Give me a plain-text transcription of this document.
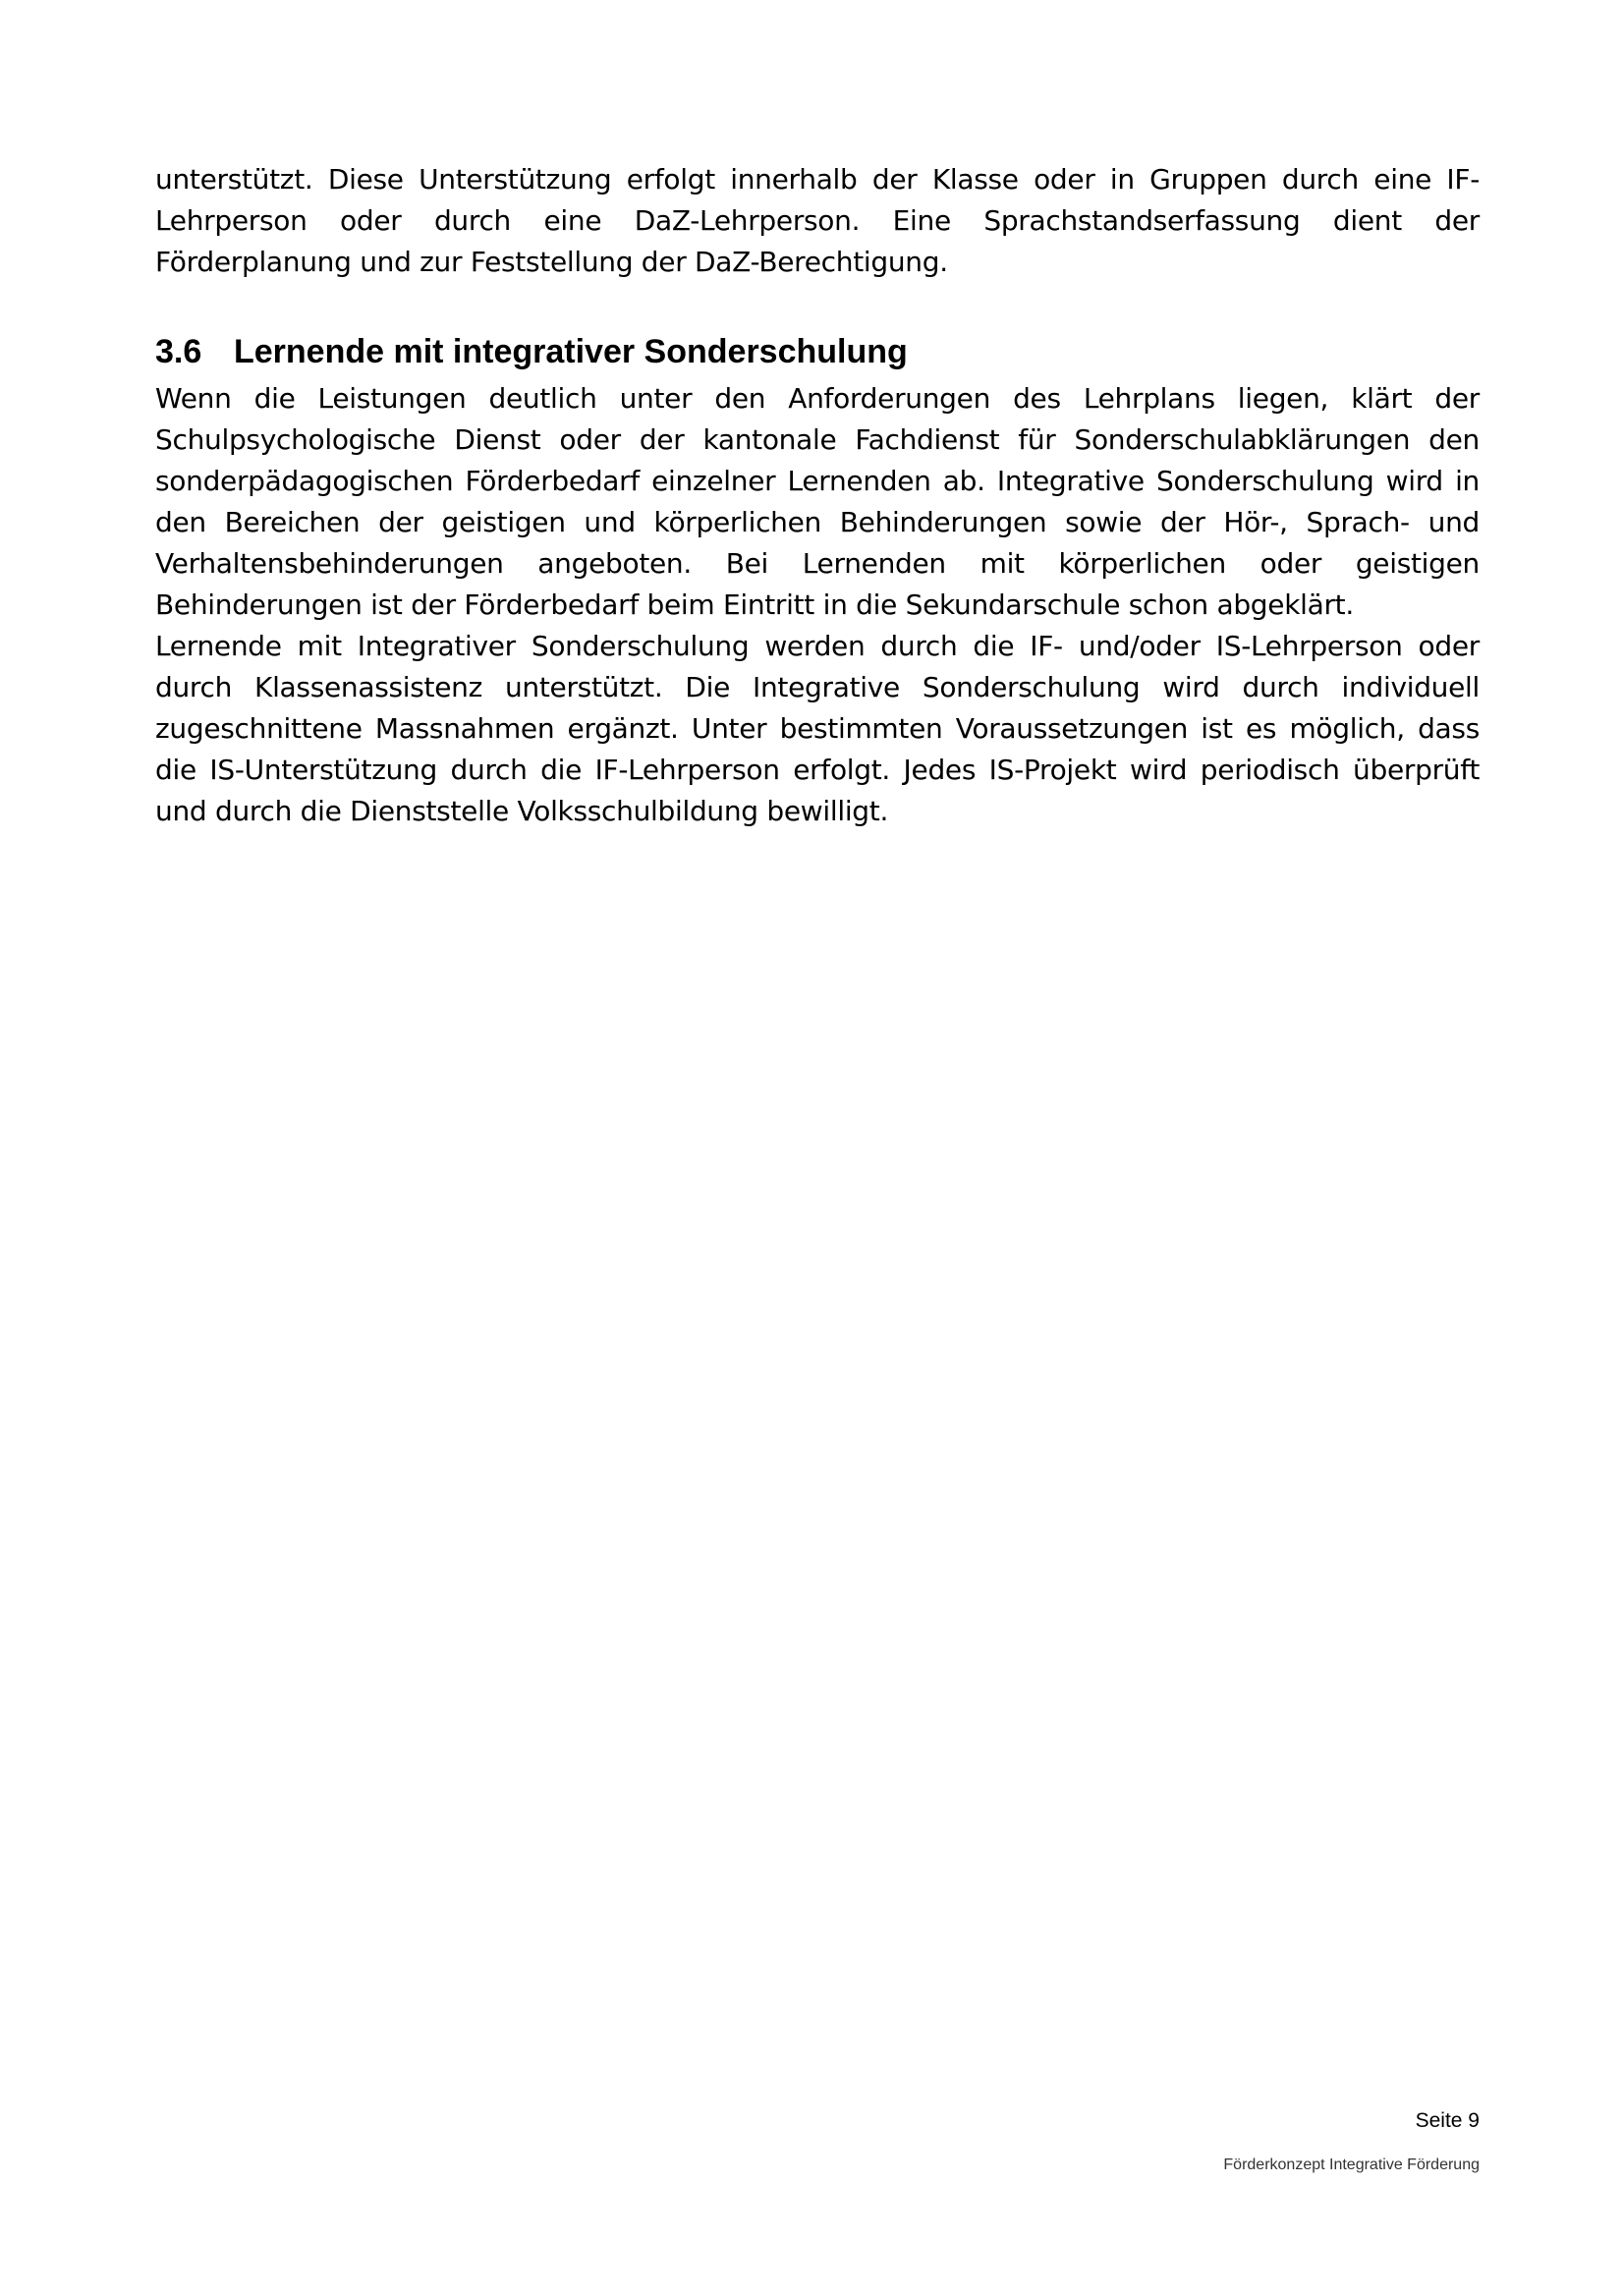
unterstützt. Diese Unterstützung erfolgt innerhalb der Klasse oder in Gruppen durch eine IF-Lehrperson oder durch eine DaZ-Lehrperson. Eine Sprachstandserfassung dient der Förderplanung und zur Feststellung der DaZ-Berechtigung.

3.6 Lernende mit integrativer Sonderschulung

Wenn die Leistungen deutlich unter den Anforderungen des Lehrplans liegen, klärt der Schulpsychologische Dienst oder der kantonale Fachdienst für Sonderschulabklärungen den sonderpädagogischen Förderbedarf einzelner Lernenden ab. Integrative Sonderschulung wird in den Bereichen der geistigen und körperlichen Behinderungen sowie der Hör-, Sprach- und Verhaltensbehinderungen angeboten. Bei Lernenden mit körperlichen oder geistigen Behinderungen ist der Förderbedarf beim Eintritt in die Sekundarschule schon abgeklärt.

Lernende mit Integrativer Sonderschulung werden durch die IF- und/oder IS-Lehrperson oder durch Klassenassistenz unterstützt. Die Integrative Sonderschulung wird durch individuell zugeschnittene Massnahmen ergänzt. Unter bestimmten Voraussetzungen ist es möglich, dass die IS-Unterstützung durch die IF-Lehrperson erfolgt. Jedes IS-Projekt wird periodisch überprüft und durch die Dienststelle Volksschulbildung bewilligt.

Seite 9
Förderkonzept Integrative Förderung
